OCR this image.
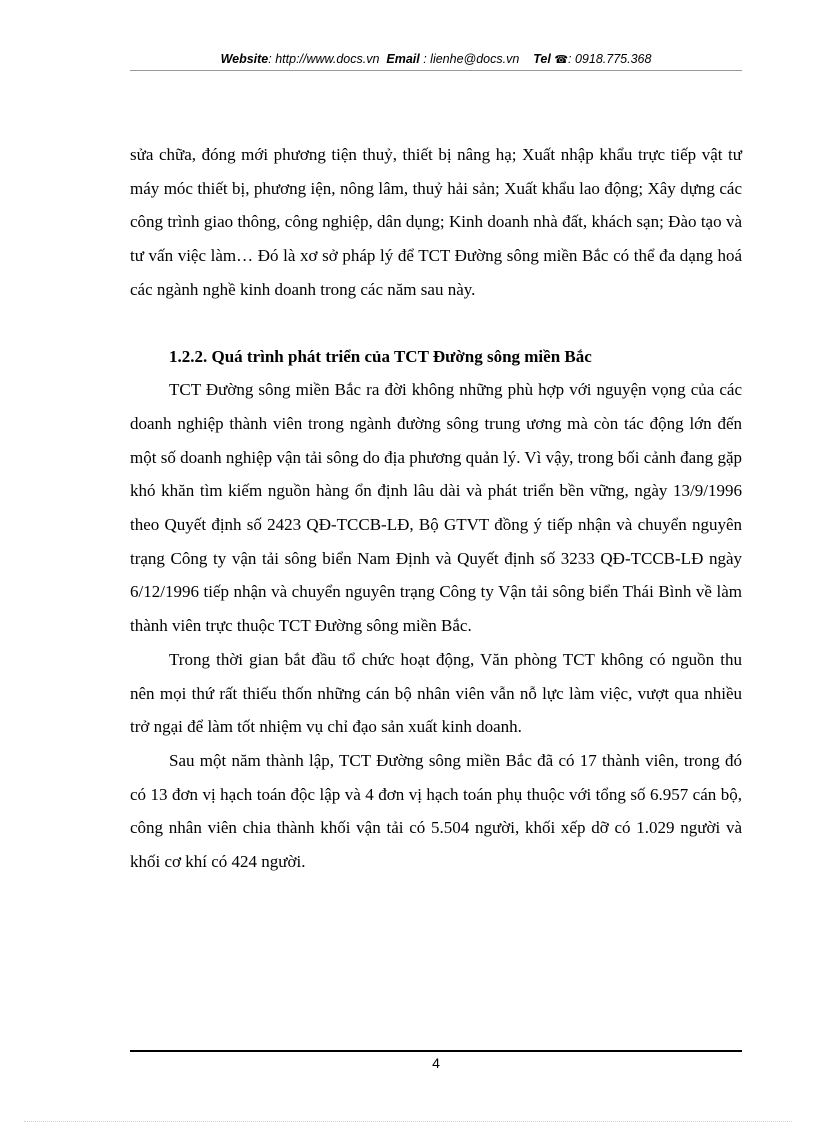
Website: http://www.docs.vn Email : lienhe@docs.vn Tel ☎: 0918.775.368

sửa chữa, đóng mới phương tiện thuỷ, thiết bị nâng hạ; Xuất nhập khẩu trực tiếp vật tư máy móc thiết bị, phương iện, nông lâm, thuỷ hải sản; Xuất khẩu lao động; Xây dựng các công trình giao thông, công nghiệp, dân dụng; Kinh doanh nhà đất, khách sạn; Đào tạo và tư vấn việc làm… Đó là xơ sở pháp lý để TCT Đường sông miền Bắc có thể đa dạng hoá các ngành nghề kinh doanh trong các năm sau này.

1.2.2. Quá trình phát triển của TCT Đường sông miền Bắc

TCT Đường sông miền Bắc ra đời không những phù hợp với nguyện vọng của các doanh nghiệp thành viên trong ngành đường sông trung ương mà còn tác động lớn đến một số doanh nghiệp vận tải sông do địa phương quản lý. Vì vậy, trong bối cảnh đang gặp khó khăn tìm kiếm nguồn hàng ổn định lâu dài và phát triển bền vững, ngày 13/9/1996 theo Quyết định số 2423 QĐ-TCCB-LĐ, Bộ GTVT đồng ý tiếp nhận và chuyển nguyên trạng Công ty vận tải sông biển Nam Định và Quyết định số 3233 QĐ-TCCB-LĐ ngày 6/12/1996 tiếp nhận và chuyển nguyên trạng Công ty Vận tải sông biển Thái Bình về làm thành viên trực thuộc TCT Đường sông miền Bắc.

Trong thời gian bắt đầu tổ chức hoạt động, Văn phòng TCT không có nguồn thu nên mọi thứ rất thiếu thốn những cán bộ nhân viên vẫn nỗ lực làm việc, vượt qua nhiều trở ngại để làm tốt nhiệm vụ chỉ đạo sản xuất kinh doanh.

Sau một năm thành lập, TCT Đường sông miền Bắc đã có 17 thành viên, trong đó có 13 đơn vị hạch toán độc lập và 4 đơn vị hạch toán phụ thuộc với tổng số 6.957 cán bộ, công nhân viên chia thành khối vận tải có 5.504 người, khối xếp dỡ có 1.029 người và khối cơ khí có 424 người.

4
